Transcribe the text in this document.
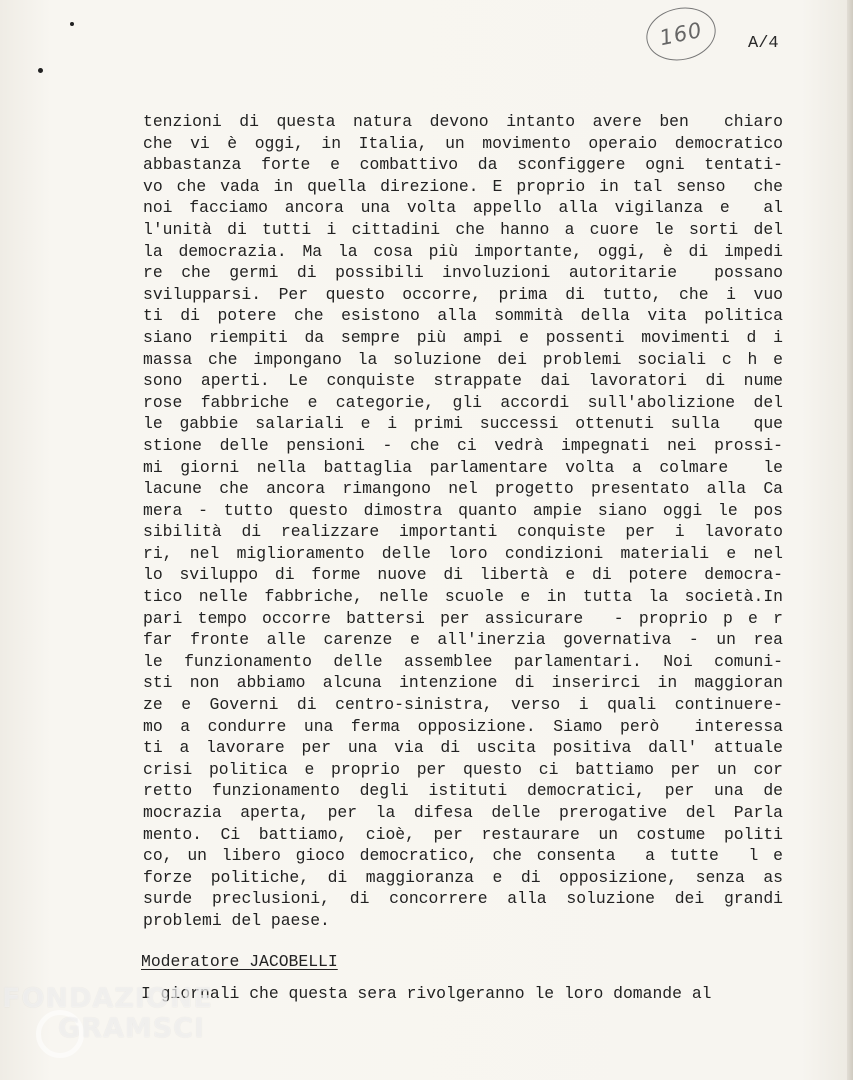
160	A/4
tenzioni di questa natura devono intanto avere ben  chiaro
che vi è oggi, in Italia, un movimento operaio democratico
abbastanza forte e combattivo da sconfiggere ogni tentati-
vo che vada in quella direzione. E proprio in tal senso  che
noi facciamo ancora una volta appello alla vigilanza e  al
l'unità di tutti i cittadini che hanno a cuore le sorti del
la democrazia. Ma la cosa più importante, oggi, è di impedi
re che germi di possibili involuzioni autoritarie  possano
svilupparsi. Per questo occorre, prima di tutto, che i vuo
ti di potere che esistono alla sommità della vita politica
siano riempiti da sempre più ampi e possenti movimenti d i
massa che impongano la soluzione dei problemi sociali c h e
sono aperti. Le conquiste strappate dai lavoratori di nume
rose fabbriche e categorie, gli accordi sull'abolizione del
le gabbie salariali e i primi successi ottenuti sulla  que
stione delle pensioni - che ci vedrà impegnati nei prossi-
mi giorni nella battaglia parlamentare volta a colmare  le
lacune che ancora rimangono nel progetto presentato alla Ca
mera - tutto questo dimostra quanto ampie siano oggi le pos
sibilità di realizzare importanti conquiste per i lavorato
ri, nel miglioramento delle loro condizioni materiali e nel
lo sviluppo di forme nuove di libertà e di potere democra-
tico nelle fabbriche, nelle scuole e in tutta la società.In
pari tempo occorre battersi per assicurare  - proprio p e r
far fronte alle carenze e all'inerzia governativa - un rea
le funzionamento delle assemblee parlamentari. Noi comuni-
sti non abbiamo alcuna intenzione di inserirci in maggioran
ze e Governi di centro-sinistra, verso i quali continuere-
mo a condurre una ferma opposizione. Siamo però  interessa
ti a lavorare per una via di uscita positiva dall' attuale
crisi politica e proprio per questo ci battiamo per un cor
retto funzionamento degli istituti democratici, per una de
mocrazia aperta, per la difesa delle prerogative del Parla
mento. Ci battiamo, cioè, per restaurare un costume politi
co, un libero gioco democratico, che consenta  a tutte  l e
forze politiche, di maggioranza e di opposizione, senza as
surde preclusioni, di concorrere alla soluzione dei grandi
problemi del paese.
Moderatore JACOBELLI
I giornali che questa sera rivolgeranno le loro domande al
FONDAZIONE
GRAMSCI
